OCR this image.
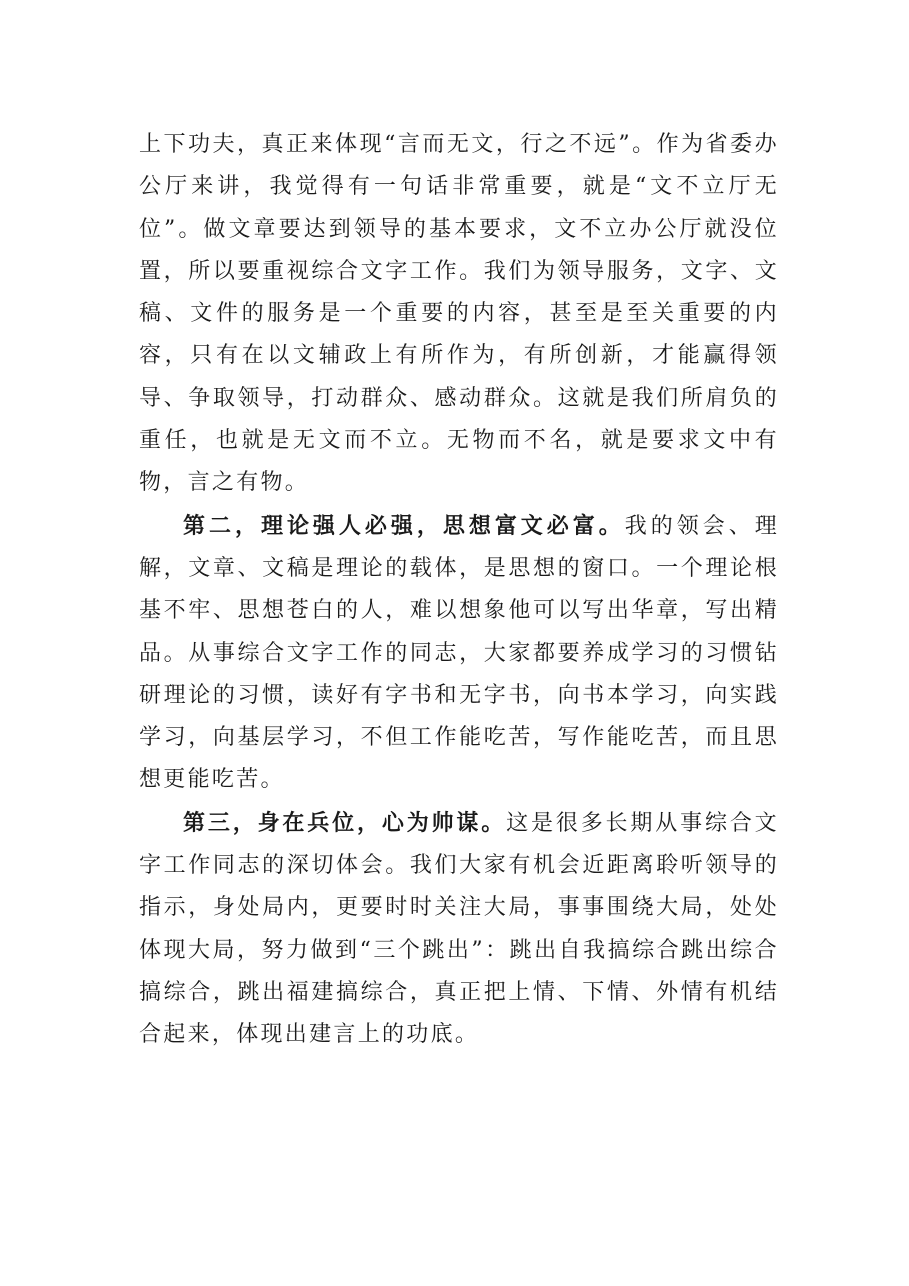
上下功夫，真正来体现“言而无文，行之不远”。作为省委办公厅来讲，我觉得有一句话非常重要，就是“文不立厅无位”。做文章要达到领导的基本要求，文不立办公厅就没位置，所以要重视综合文字工作。我们为领导服务，文字、文稿、文件的服务是一个重要的内容，甚至是至关重要的内容，只有在以文辅政上有所作为，有所创新，才能赢得领导、争取领导，打动群众、感动群众。这就是我们所肩负的重任，也就是无文而不立。无物而不名，就是要求文中有物，言之有物。

第二，理论强人必强，思想富文必富。我的领会、理解，文章、文稿是理论的载体，是思想的窗口。一个理论根基不牢、思想苍白的人，难以想象他可以写出华章，写出精品。从事综合文字工作的同志，大家都要养成学习的习惯钻研理论的习惯，读好有字书和无字书，向书本学习，向实践学习，向基层学习，不但工作能吃苦，写作能吃苦，而且思想更能吃苦。

第三，身在兵位，心为帅谋。这是很多长期从事综合文字工作同志的深切体会。我们大家有机会近距离聆听领导的指示，身处局内，更要时时关注大局，事事围绕大局，处处体现大局，努力做到“三个跳出”：跳出自我搞综合跳出综合搞综合，跳出福建搞综合，真正把上情、下情、外情有机结合起来，体现出建言上的功底。
